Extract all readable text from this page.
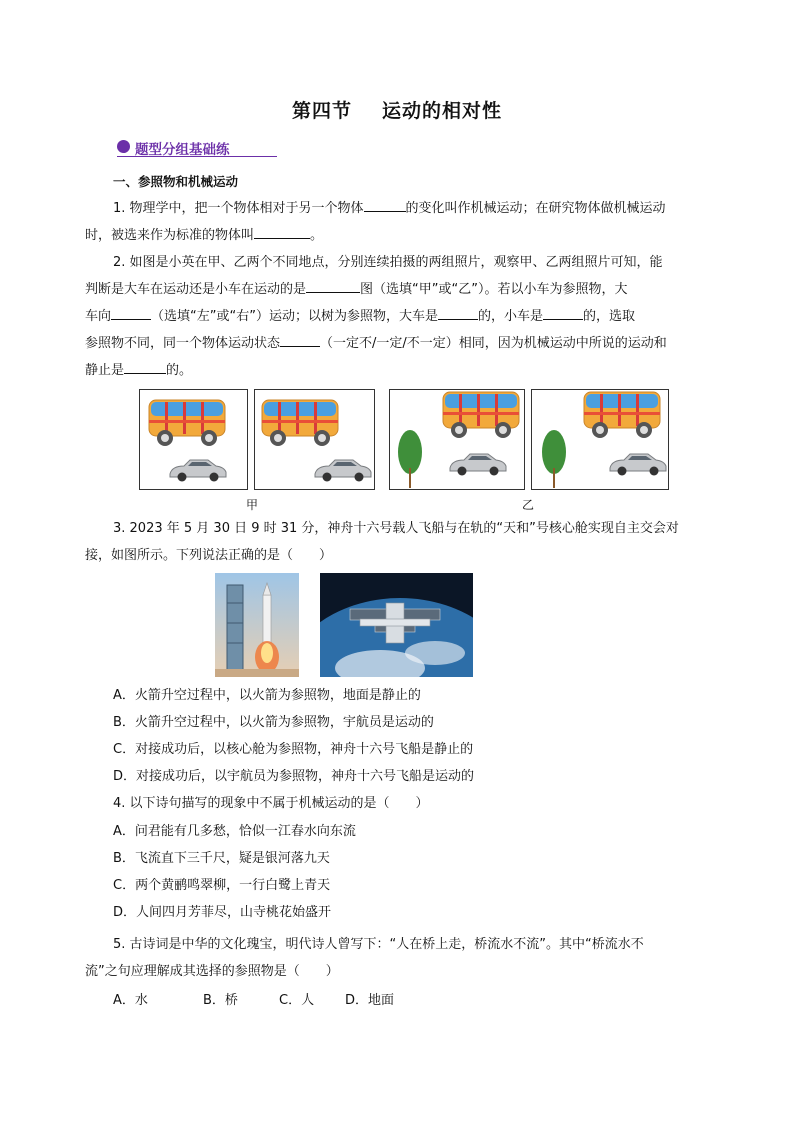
第四节 运动的相对性
题型分组基础练
一、参照物和机械运动
1. 物理学中，把一个物体相对于另一个物体	的变化叫作机械运动；在研究物体做机械运动
时，被选来作为标准的物体叫	。
2. 如图是小英在甲、乙两个不同地点，分别连续拍摄的两组照片，观察甲、乙两组照片可知，能
判断是大车在运动还是小车在运动的是	图（选填“甲”或“乙”）。若以小车为参照物，大
车向	（选填“左”或“右”）运动；以树为参照物，大车是	的，小车是	的，选取
参照物不同，同一个物体运动状态	（一定不/一定/不一定）相同，因为机械运动中所说的运动和
静止是	的。
甲	乙
3. 2023 年 5 月 30 日 9 时 31 分，神舟十六号载人飞船与在轨的“天和”号核心舱实现自主交会对
接，如图所示。下列说法正确的是（　　）
A．火箭升空过程中，以火箭为参照物，地面是静止的
B．火箭升空过程中，以火箭为参照物，宇航员是运动的
C．对接成功后，以核心舱为参照物，神舟十六号飞船是静止的
D．对接成功后，以宇航员为参照物，神舟十六号飞船是运动的
4. 以下诗句描写的现象中不属于机械运动的是（　　）
A．问君能有几多愁，恰似一江春水向东流
B．飞流直下三千尺，疑是银河落九天
C．两个黄鹂鸣翠柳，一行白鹭上青天
D．人间四月芳菲尽，山寺桃花始盛开
5. 古诗词是中华的文化瑰宝，明代诗人曾写下：“人在桥上走，桥流水不流”。其中“桥流水不
流”之句应理解成其选择的参照物是（　　）
A．水	B．桥	C．人 D．地面
